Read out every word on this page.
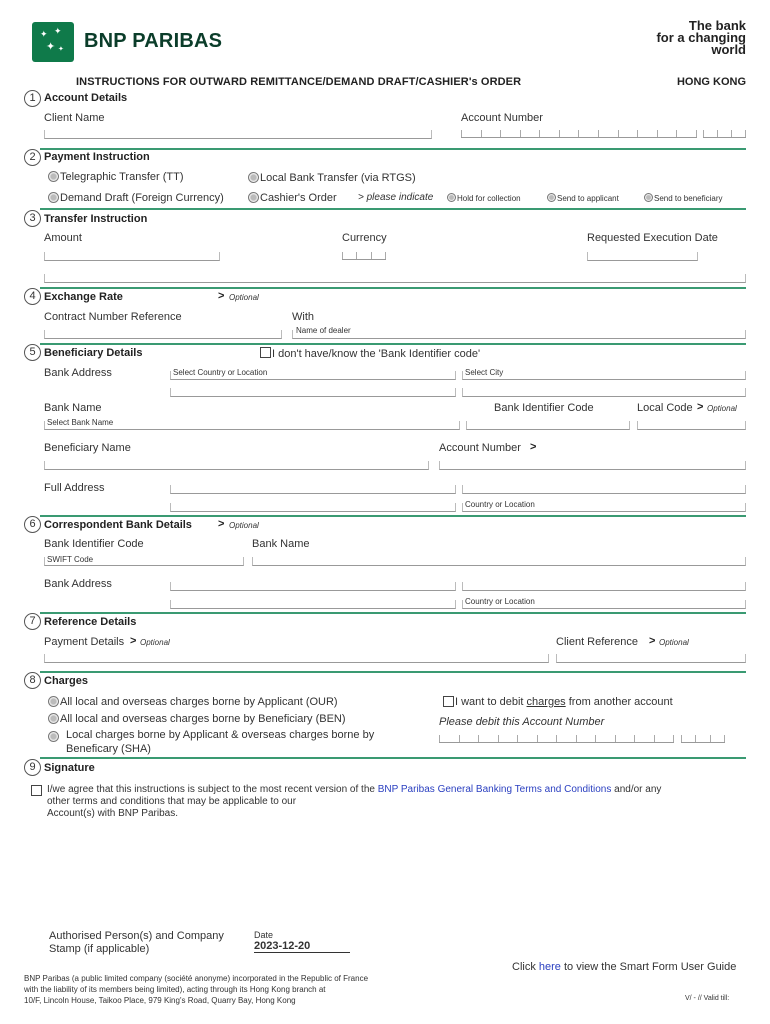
✦ ✦
✦ ✦ BNP PARIBAS
The bank
for a changing
world
INSTRUCTIONS FOR OUTWARD REMITTANCE/DEMAND DRAFT/CASHIER's ORDER	HONG KONG
1 Account Details
Client Name	Account Number
2 Payment Instruction
Telegraphic Transfer (TT)	Local Bank Transfer (via RTGS)
Demand Draft (Foreign Currency)	Cashier's Order > please indicate	Hold for collection	Send to applicant	Send to beneficiary
3 Transfer Instruction
Amount	Currency	Requested Execution Date
4 Exchange Rate	> Optional
Contract Number Reference	With
Name of dealer
5 Beneficiary Details	I don't have/know the 'Bank Identifier code'
Bank Address	Select Country or Location	Select City
Bank Name	Bank Identifier Code	Local Code > Optional
Select Bank Name
Beneficiary Name	Account Number >
Full Address
Country or Location
6 Correspondent Bank Details > Optional
Bank Identifier Code	Bank Name
SWIFT Code
Bank Address
Country or Location
7 Reference Details
Payment Details > Optional	Client Reference > Optional
8 Charges
All local and overseas charges borne by Applicant (OUR)
All local and overseas charges borne by Beneficiary (BEN)
Local charges borne by Applicant & overseas charges borne by
Beneficary (SHA)
I want to debit charges from another account
Please debit this Account Number
9 Signature
I/we agree that this instructions is subject to the most recent version of the BNP Paribas General Banking Terms and Conditions and/or any
other terms and conditions that may be applicable to our
Account(s) with BNP Paribas.
Authorised Person(s) and Company
Stamp (if applicable)
Date
2023-12-20
BNP Paribas (a public limited company (société anonyme) incorporated in the Republic of France
with the liability of its members being limited), acting through its Hong Kong branch at
10/F, Lincoln House, Taikoo Place, 979 King's Road, Quarry Bay, Hong Kong
Click here to view the Smart Form User Guide
V/ - // Valid till:
